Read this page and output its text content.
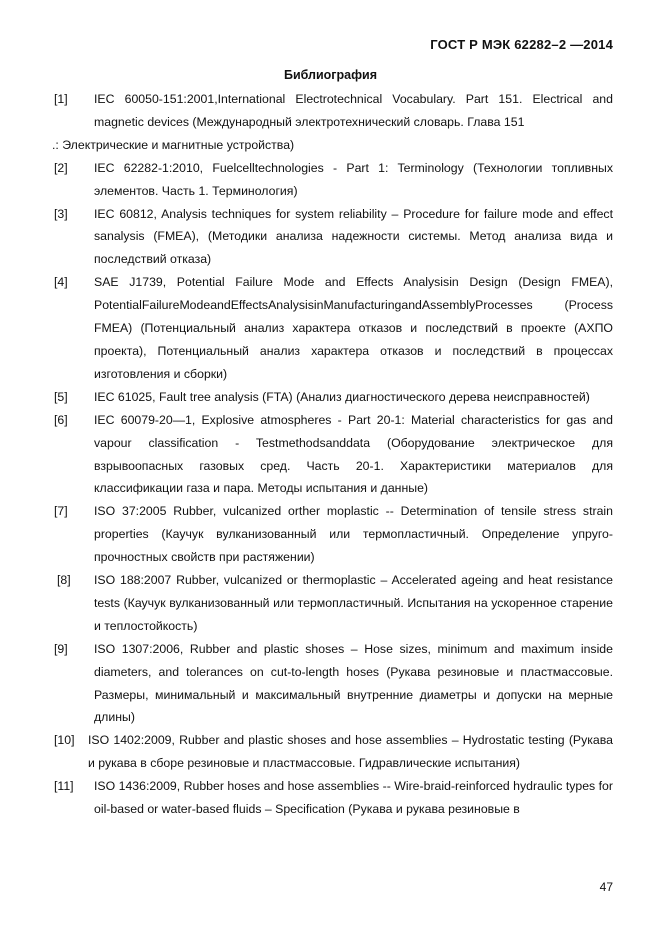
ГОСТ Р МЭК 62282–2 —2014
Библиография
[1]	IEC 60050-151:2001,International Electrotechnical Vocabulary. Part 151. Electrical and magnetic devices (Международный электротехнический словарь. Глава 151
.: Электрические и магнитные устройства)
[2]	IEC 62282-1:2010, Fuelcelltechnologies - Part 1: Terminology (Технологии топливных элементов. Часть 1. Терминология)
[3]	IEC 60812, Analysis techniques for system reliability – Procedure for failure mode and effect sanalysis (FMEA), (Методики анализа надежности системы. Метод анализа вида и последствий отказа)
[4]	SAE J1739, Potential Failure Mode and Effects Analysisin Design (Design FMEA), PotentialFailureModeandEffectsAnalysisinManufacturingandAssemblyProcesses (Process FMEA) (Потенциальный анализ характера отказов и последствий в проекте (АХПО проекта), Потенциальный анализ характера отказов и последствий в процессах изготовления и сборки)
[5]	IEC 61025, Fault tree analysis (FTA) (Анализ диагностического дерева неисправностей)
[6]	IEC 60079-20—1, Explosive atmospheres - Part 20-1: Material characteristics for gas and vapour classification - Testmethodsanddata (Оборудование электрическое для взрывоопасных газовых сред. Часть 20-1. Характеристики материалов для классификации газа и пара. Методы испытания и данные)
[7]	ISO 37:2005 Rubber, vulcanized orther moplastic -- Determination of tensile stress strain properties (Каучук вулканизованный или термопластичный. Определение упруго-прочностных свойств при растяжении)
[8]	ISO 188:2007 Rubber, vulcanized or thermoplastic – Accelerated ageing and heat resistance tests (Каучук вулканизованный или термопластичный. Испытания на ускоренное старение и теплостойкость)
[9]	ISO 1307:2006, Rubber and plastic shoses – Hose sizes, minimum and maximum inside diameters, and tolerances on cut-to-length hoses (Рукава резиновые и пластмассовые. Размеры, минимальный и максимальный внутренние диаметры и допуски на мерные длины)
[10]	ISO 1402:2009, Rubber and plastic shoses and hose assemblies – Hydrostatic testing (Рукава и рукава в сборе резиновые и пластмассовые. Гидравлические испытания)
[11]	ISO 1436:2009, Rubber hoses and hose assemblies -- Wire-braid-reinforced hydraulic types for oil-based or water-based fluids – Specification (Рукава и рукава резиновые в
47
